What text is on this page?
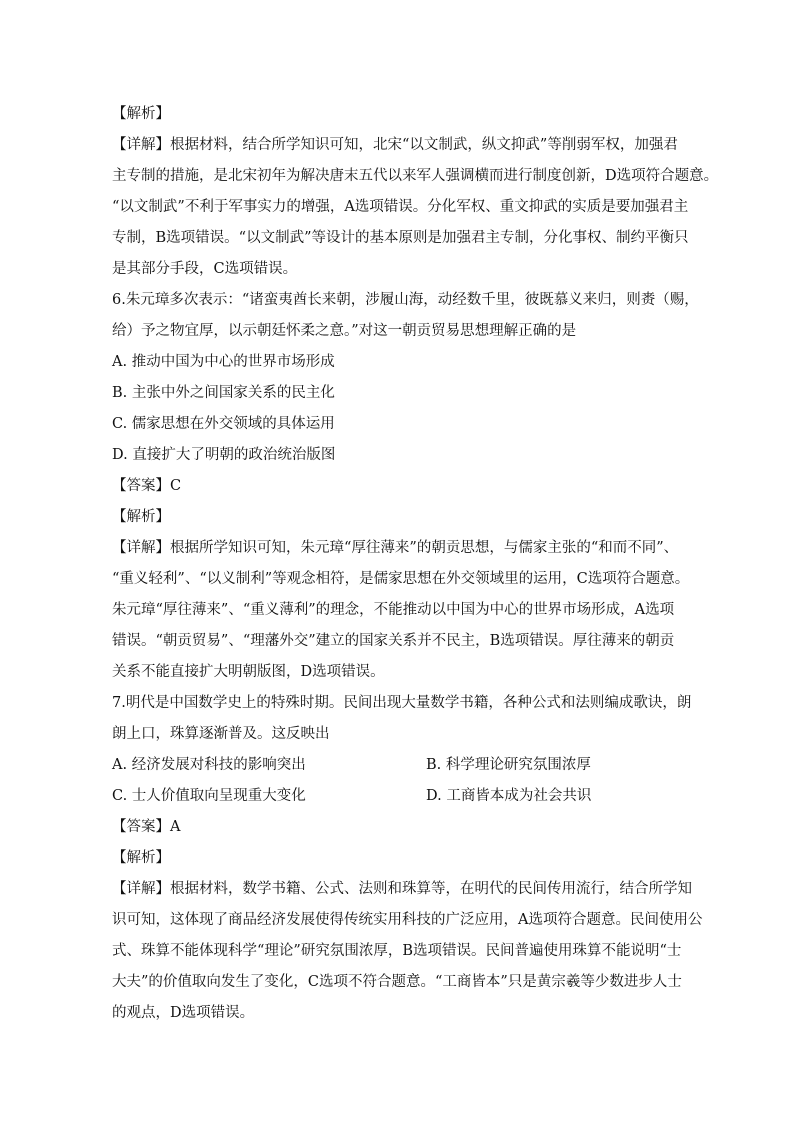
【解析】

【详解】根据材料，结合所学知识可知，北宋“以文制武，纵文抑武”等削弱军权，加强君

主专制的措施，是北宋初年为解决唐末五代以来军人强调横而进行制度创新，D选项符合题意。

“以文制武”不利于军事实力的增强，A选项错误。分化军权、重文抑武的实质是要加强君主

专制，B选项错误。“以文制武”等设计的基本原则是加强君主专制，分化事权、制约平衡只

是其部分手段，C选项错误。

6.朱元璋多次表示：“诸蛮夷酋长来朝，涉履山海，动经数千里，彼既慕义来归，则赉（赐，

给）予之物宜厚，以示朝廷怀柔之意。”对这一朝贡贸易思想理解正确的是

A. 推动中国为中心的世界市场形成

B. 主张中外之间国家关系的民主化

C. 儒家思想在外交领域的具体运用

D. 直接扩大了明朝的政治统治版图

【答案】C

【解析】

【详解】根据所学知识可知，朱元璋“厚往薄来”的朝贡思想，与儒家主张的“和而不同”、

“重义轻利”、“以义制利”等观念相符，是儒家思想在外交领域里的运用，C选项符合题意。

朱元璋“厚往薄来”、“重义薄利”的理念，不能推动以中国为中心的世界市场形成，A选项

错误。“朝贡贸易”、“理藩外交”建立的国家关系并不民主，B选项错误。厚往薄来的朝贡

关系不能直接扩大明朝版图，D选项错误。

7.明代是中国数学史上的特殊时期。民间出现大量数学书籍，各种公式和法则编成歌诀，朗

朗上口，珠算逐渐普及。这反映出

A. 经济发展对科技的影响突出	B. 科学理论研究氛围浓厚
C. 士人价值取向呈现重大变化	D. 工商皆本成为社会共识

【答案】A

【解析】

【详解】根据材料，数学书籍、公式、法则和珠算等，在明代的民间传用流行，结合所学知

识可知，这体现了商品经济发展使得传统实用科技的广泛应用，A选项符合题意。民间使用公

式、珠算不能体现科学“理论”研究氛围浓厚，B选项错误。民间普遍使用珠算不能说明“士

大夫”的价值取向发生了变化，C选项不符合题意。“工商皆本”只是黄宗羲等少数进步人士

的观点，D选项错误。
